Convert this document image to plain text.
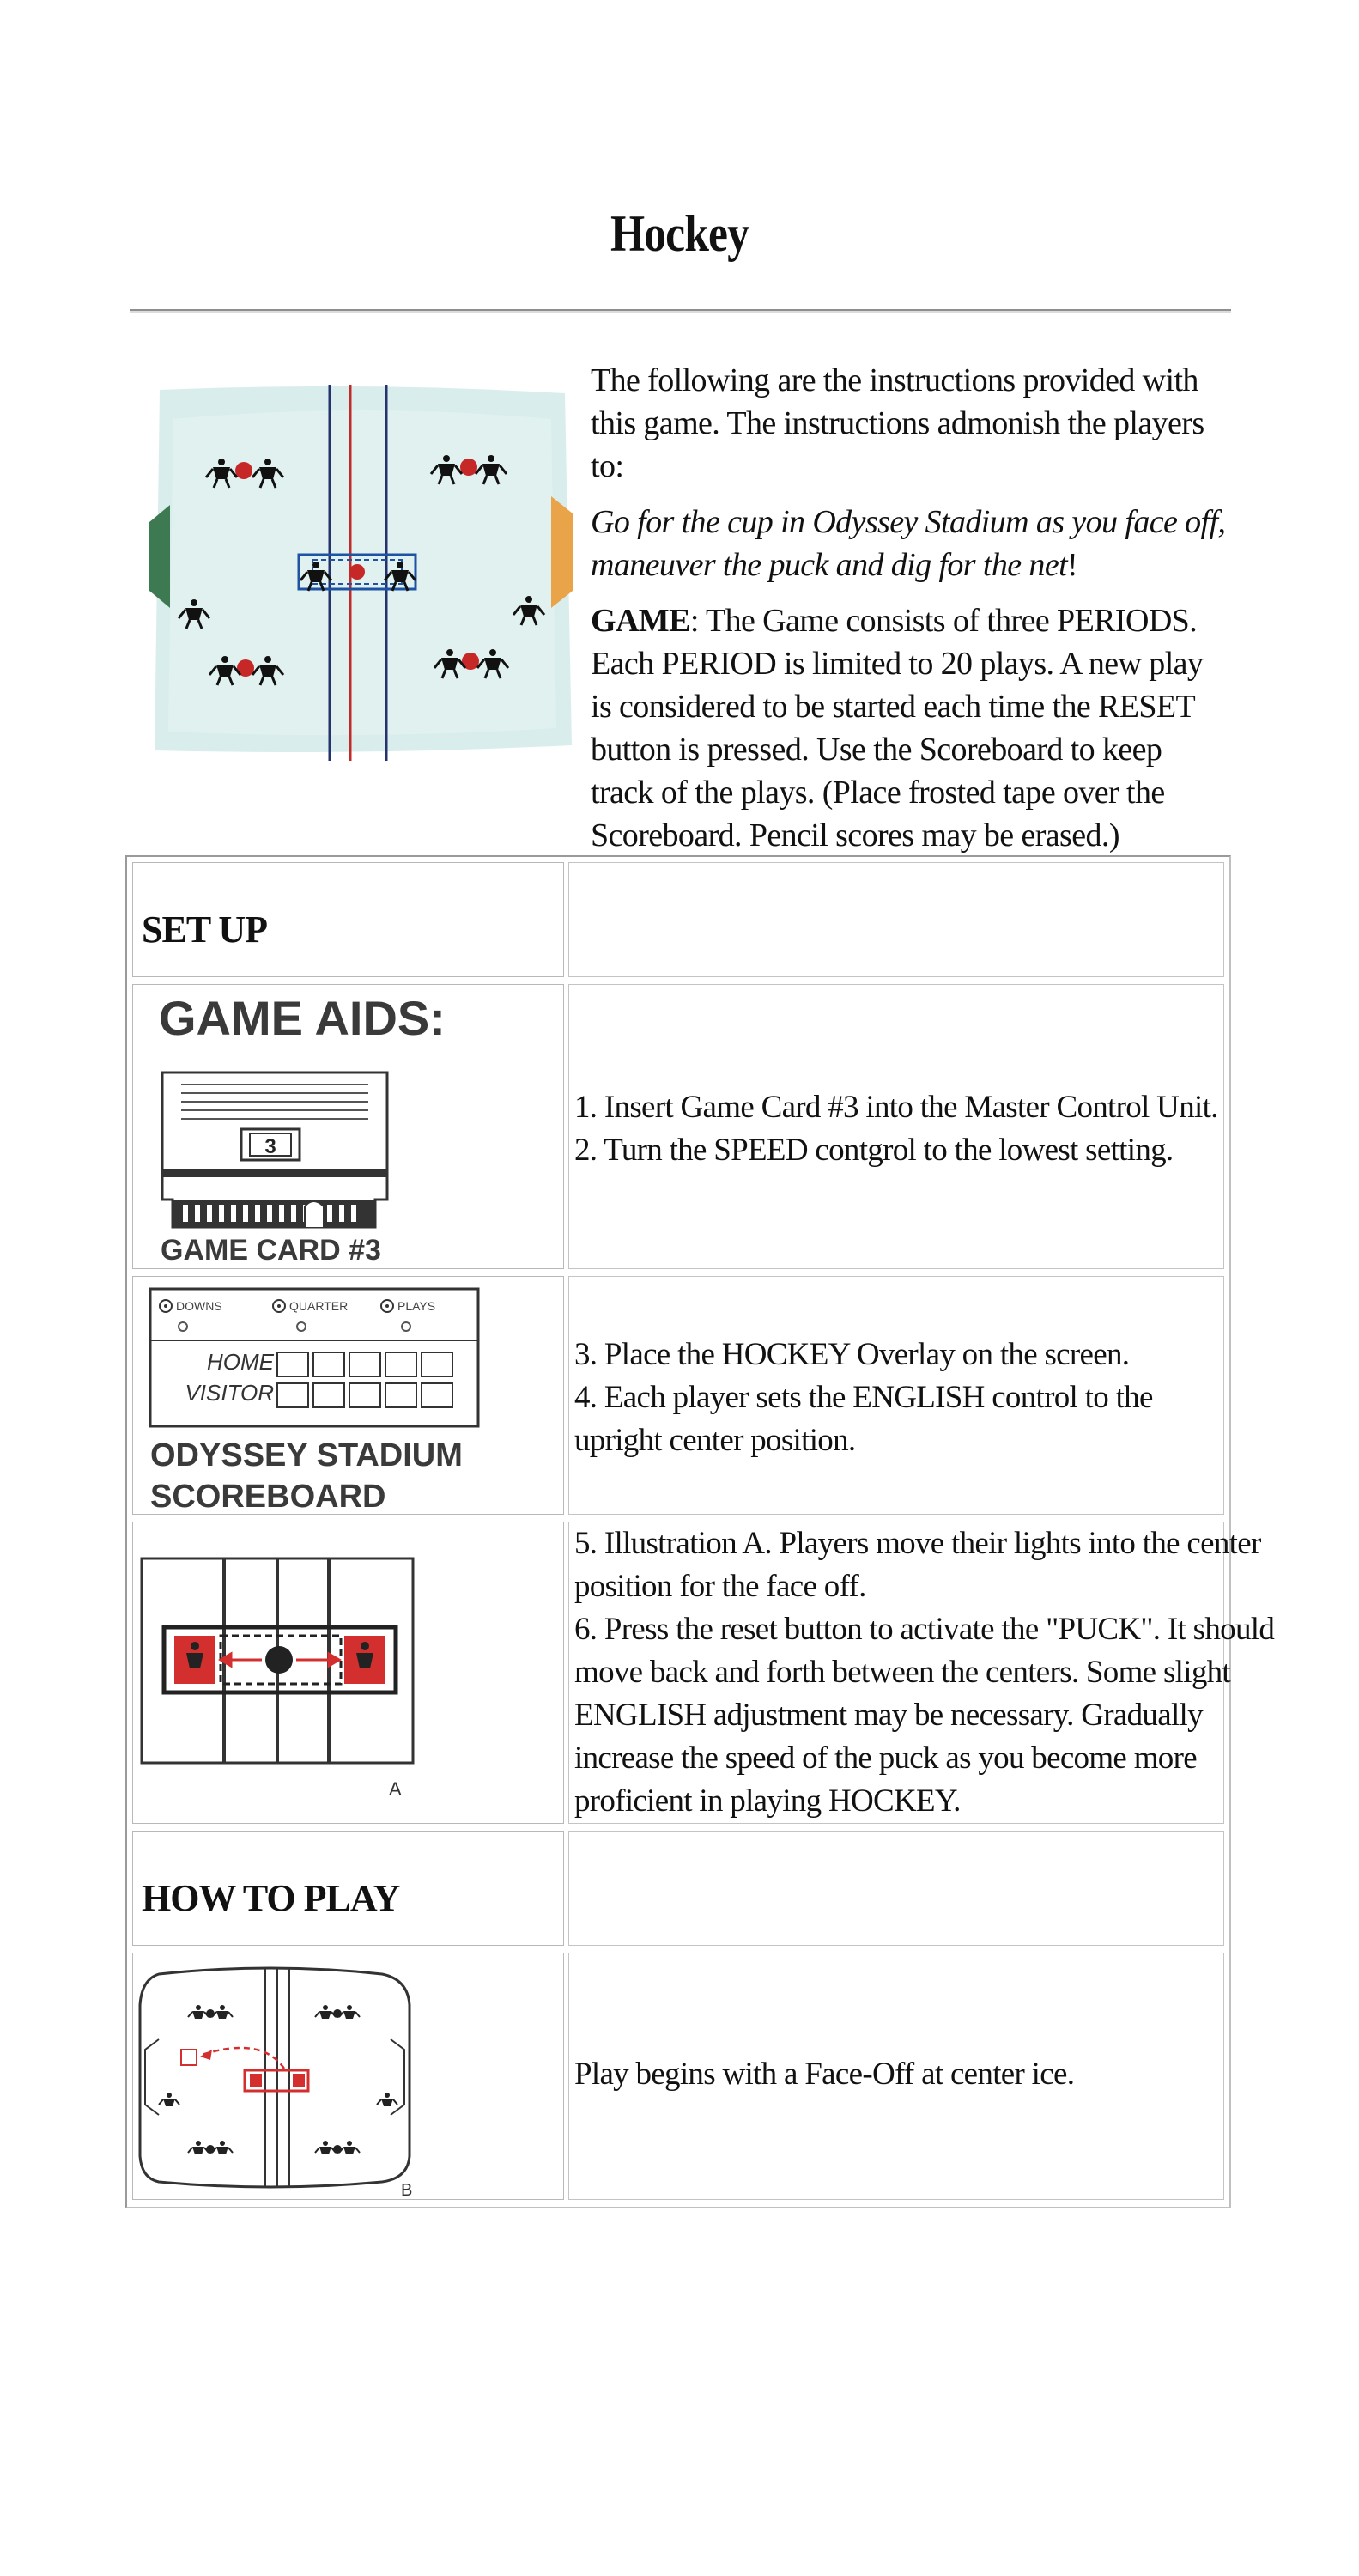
Hockey

The following are the instructions provided with this game. The instructions admonish the players to:

Go for the cup in Odyssey Stadium as you face off, maneuver the puck and dig for the net!

GAME: The Game consists of three PERIODS. Each PERIOD is limited to 20 plays. A new play is considered to be started each time the RESET button is pressed. Use the Scoreboard to keep track of the plays. (Place frosted tape over the Scoreboard. Pencil scores may be erased.)

SET UP
GAME AIDS:
3
GAME CARD #3
1. Insert Game Card #3 into the Master Control Unit.
2. Turn the SPEED contgrol to the lowest setting.
DOWNS	QUARTER	PLAYS
HOME
VISITOR
ODYSSEY STADIUM
SCOREBOARD
3. Place the HOCKEY Overlay on the screen.
4. Each player sets the ENGLISH control to the
upright center position.
A
5. Illustration A. Players move their lights into the center
position for the face off.
6. Press the reset button to activate the "PUCK". It should
move back and forth between the centers. Some slight
ENGLISH adjustment may be necessary. Gradually
increase the speed of the puck as you become more
proficient in playing HOCKEY.
HOW TO PLAY
B
Play begins with a Face-Off at center ice.
